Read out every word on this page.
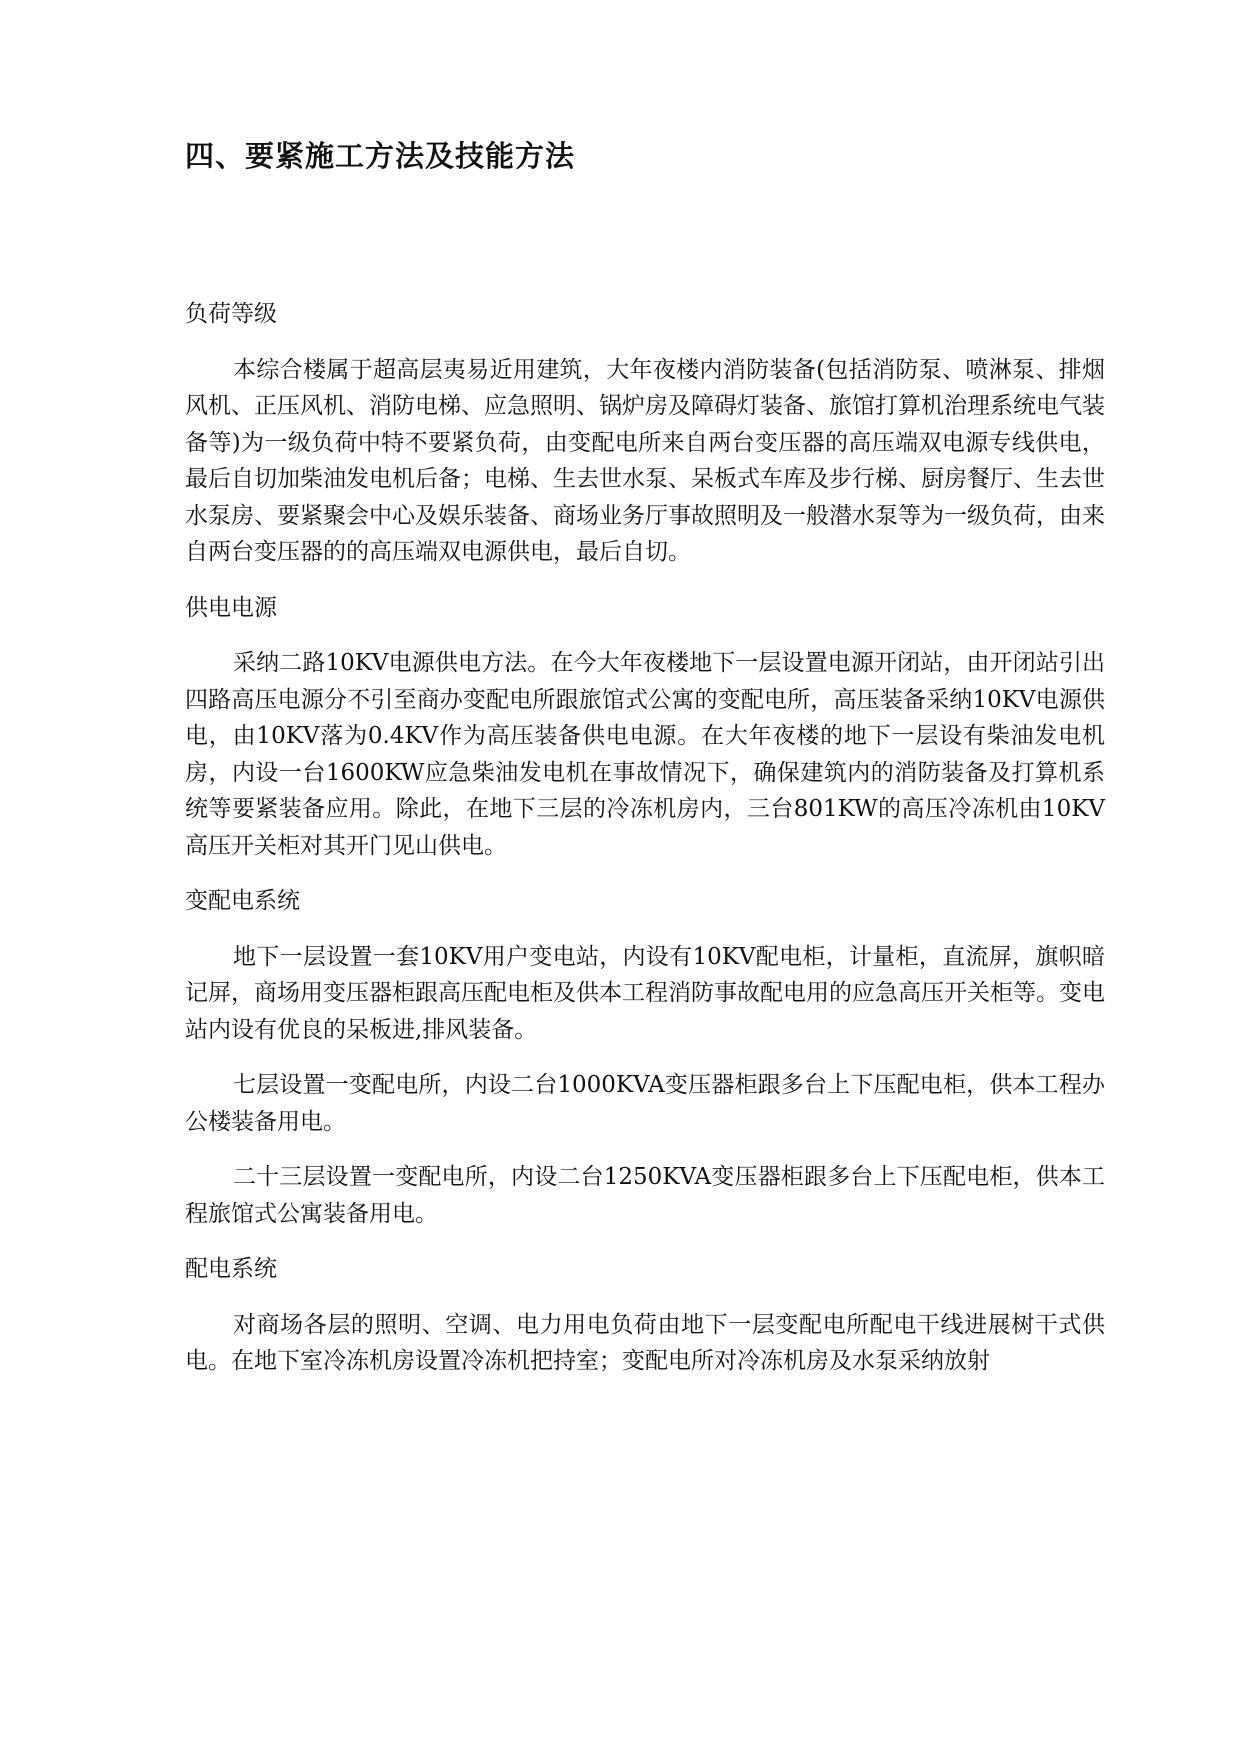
四、要紧施工方法及技能方法

负荷等级

本综合楼属于超高层夷易近用建筑，大年夜楼内消防装备(包括消防泵、喷淋泵、排烟风机、正压风机、消防电梯、应急照明、锅炉房及障碍灯装备、旅馆打算机治理系统电气装备等)为一级负荷中特不要紧负荷，由变配电所来自两台变压器的高压端双电源专线供电，最后自切加柴油发电机后备；电梯、生去世水泵、呆板式车库及步行梯、厨房餐厅、生去世水泵房、要紧聚会中心及娱乐装备、商场业务厅事故照明及一般潜水泵等为一级负荷，由来自两台变压器的的高压端双电源供电，最后自切。

供电电源

采纳二路10KV电源供电方法。在今大年夜楼地下一层设置电源开闭站，由开闭站引出四路高压电源分不引至商办变配电所跟旅馆式公寓的变配电所，高压装备采纳10KV电源供电，由10KV落为0.4KV作为高压装备供电电源。在大年夜楼的地下一层设有柴油发电机房，内设一台1600KW应急柴油发电机在事故情况下，确保建筑内的消防装备及打算机系统等要紧装备应用。除此，在地下三层的冷冻机房内，三台801KW的高压冷冻机由10KV高压开关柜对其开门见山供电。

变配电系统

地下一层设置一套10KV用户变电站，内设有10KV配电柜，计量柜，直流屏，旗帜暗记屏，商场用变压器柜跟高压配电柜及供本工程消防事故配电用的应急高压开关柜等。变电站内设有优良的呆板进,排风装备。

七层设置一变配电所，内设二台1000KVA变压器柜跟多台上下压配电柜，供本工程办公楼装备用电。

二十三层设置一变配电所，内设二台1250KVA变压器柜跟多台上下压配电柜，供本工程旅馆式公寓装备用电。

配电系统

对商场各层的照明、空调、电力用电负荷由地下一层变配电所配电干线进展树干式供电。在地下室冷冻机房设置冷冻机把持室；变配电所对冷冻机房及水泵采纳放射
